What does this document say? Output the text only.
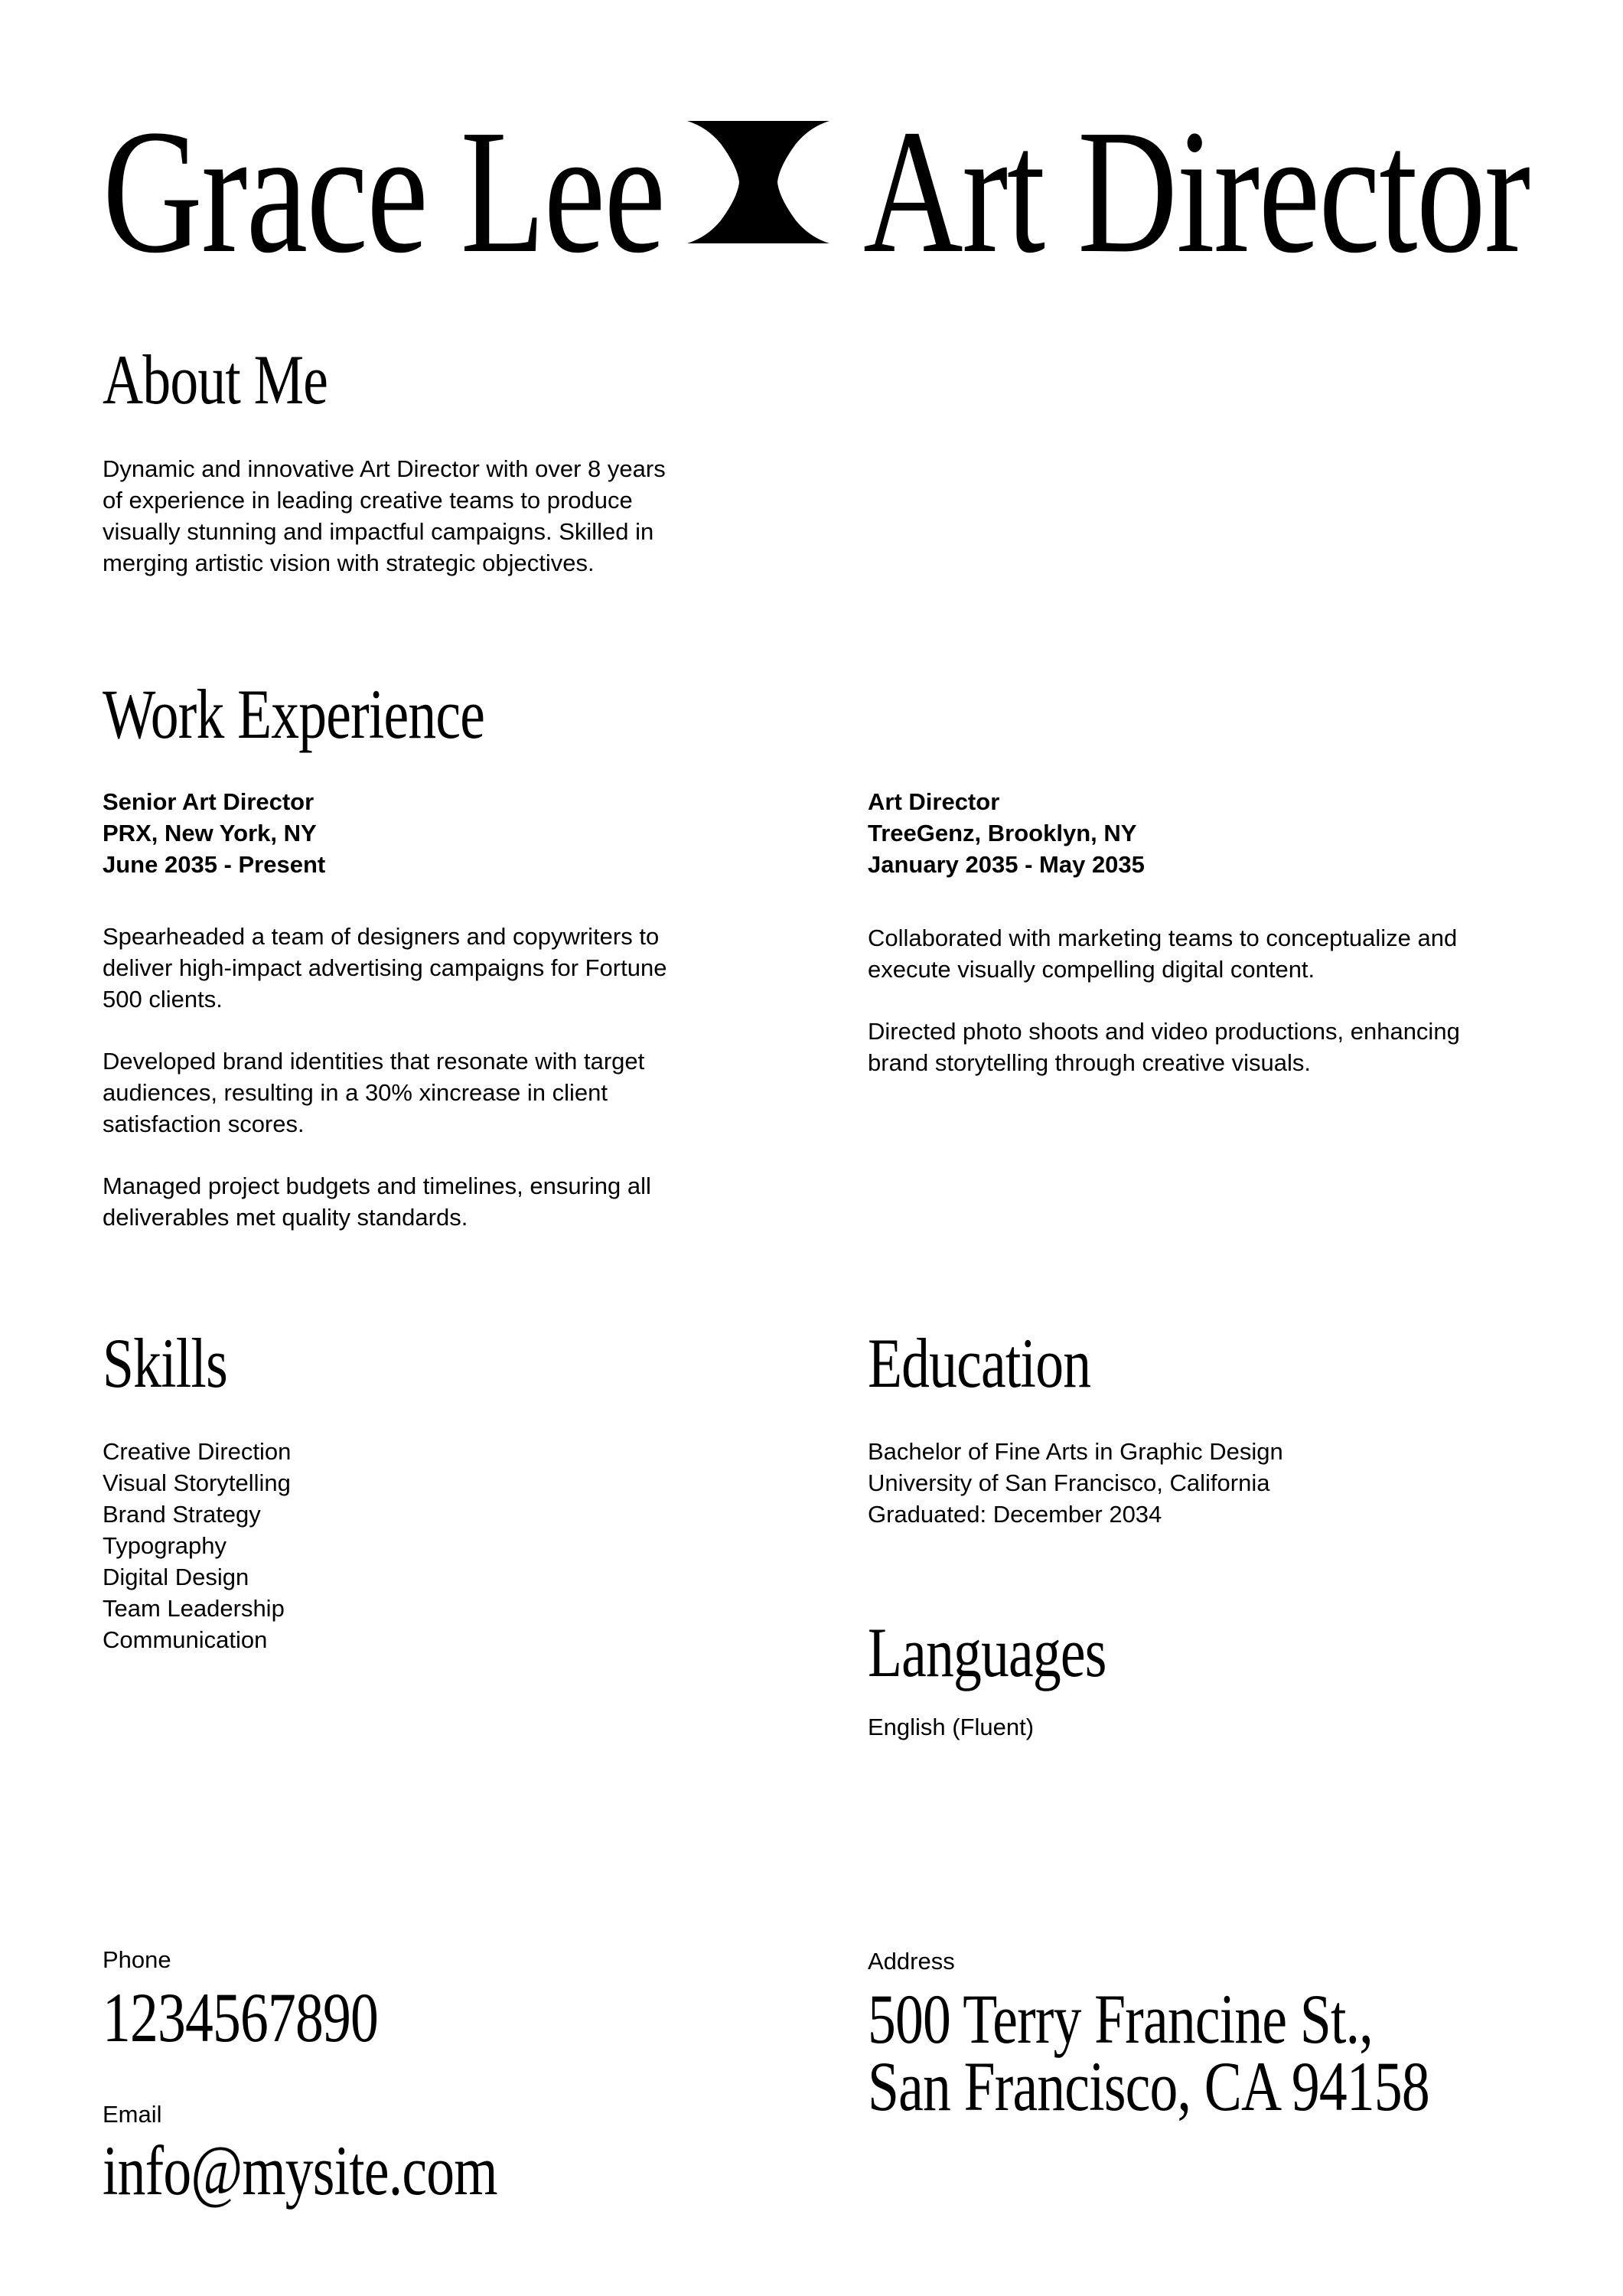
Grace Lee Art Director
About Me
Dynamic and innovative Art Director with over 8 years
of experience in leading creative teams to produce
visually stunning and impactful campaigns. Skilled in
merging artistic vision with strategic objectives.
Work Experience
Senior Art Director
PRX, New York, NY
June 2035 - Present
Spearheaded a team of designers and copywriters to
deliver high-impact advertising campaigns for Fortune
500 clients.
Developed brand identities that resonate with target
audiences, resulting in a 30% xincrease in client
satisfaction scores.
Managed project budgets and timelines, ensuring all
deliverables met quality standards.
Art Director
TreeGenz, Brooklyn, NY
January 2035 - May 2035
Collaborated with marketing teams to conceptualize and
execute visually compelling digital content.
Directed photo shoots and video productions, enhancing
brand storytelling through creative visuals.
Skills
Creative Direction
Visual Storytelling
Brand Strategy
Typography
Digital Design
Team Leadership
Communication
Education
Bachelor of Fine Arts in Graphic Design
University of San Francisco, California
Graduated: December 2034
Languages
English (Fluent)
Phone
1234567890
Email
info@mysite.com
Address
500 Terry Francine St.,
San Francisco, CA 94158
